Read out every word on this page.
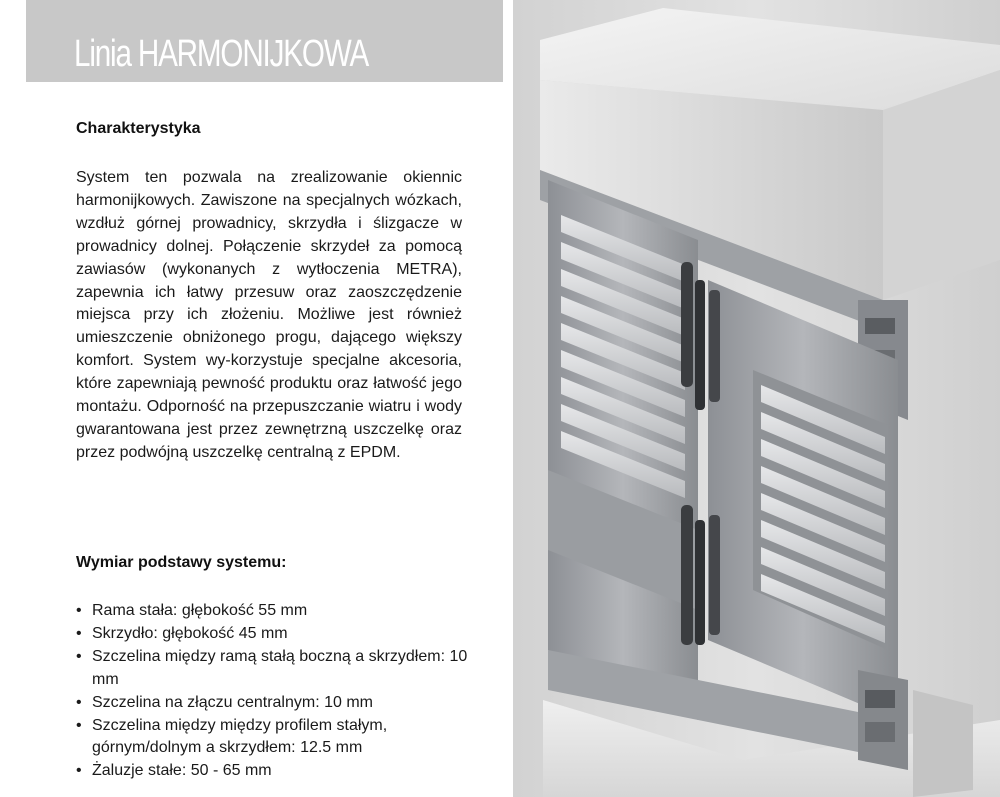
Linia HARMONIJKOWA
Charakterystyka

System ten pozwala na zrealizowanie okiennic harmonijkowych. Zawiszone na specjalnych wózkach, wzdłuż górnej prowadnicy, skrzydła i ślizgacze w prowadnicy dolnej. Połączenie skrzydeł za pomocą zawiasów (wykonanych z wytłoczenia METRA), zapewnia ich łatwy przesuw oraz zaoszczędzenie miejsca przy ich złożeniu. Możliwe jest również umieszczenie obniżonego progu, dającego większy komfort. System wy-korzystuje specjalne akcesoria, które zapewniają pewność produktu oraz łatwość jego montażu. Odporność na przepuszczanie wiatru i wody gwarantowana jest przez zewnętrzną uszczelkę oraz przez podwójną uszczelkę centralną z EPDM.

Wymiar podstawy systemu:
• Rama stała: głębokość 55 mm
• Skrzydło: głębokość 45 mm
• Szczelina między ramą stałą boczną a skrzydłem: 10 mm
• Szczelina na złączu centralnym: 10 mm
• Szczelina między między profilem stałym, górnym/dolnym a skrzydłem: 12.5 mm
• Żaluzje stałe: 50 - 65 mm
